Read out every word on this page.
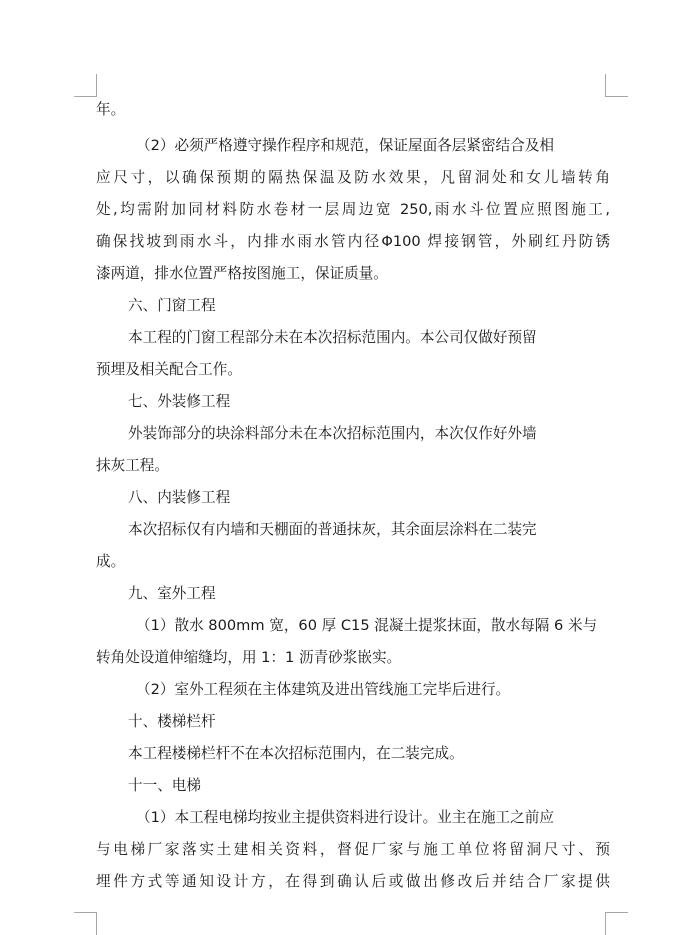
年。
（2）必须严格遵守操作程序和规范，保证屋面各层紧密结合及相
应尺寸，以确保预期的隔热保温及防水效果，凡留洞处和女儿墙转角
处,均需附加同材料防水卷材一层周边宽 250,雨水斗位置应照图施工,
确保找坡到雨水斗，内排水雨水管内径Φ100 焊接钢管，外刷红丹防锈
漆两道，排水位置严格按图施工，保证质量。
六、门窗工程
本工程的门窗工程部分未在本次招标范围内。本公司仅做好预留
预埋及相关配合工作。
七、外装修工程
外装饰部分的块涂料部分未在本次招标范围内，本次仅作好外墙
抹灰工程。
八、内装修工程
本次招标仅有内墙和天棚面的普通抹灰，其余面层涂料在二装完
成。
九、室外工程
（1）散水 800mm 宽，60 厚 C15 混凝土提浆抹面，散水每隔 6 米与
转角处设道伸缩缝均，用 1：1 沥青砂浆嵌实。
（2）室外工程须在主体建筑及进出管线施工完毕后进行。
十、楼梯栏杆
本工程楼梯栏杆不在本次招标范围内，在二装完成。
十一、电梯
（1）本工程电梯均按业主提供资料进行设计。业主在施工之前应
与电梯厂家落实土建相关资料，督促厂家与施工单位将留洞尺寸、预
埋件方式等通知设计方，在得到确认后或做出修改后并结合厂家提供
